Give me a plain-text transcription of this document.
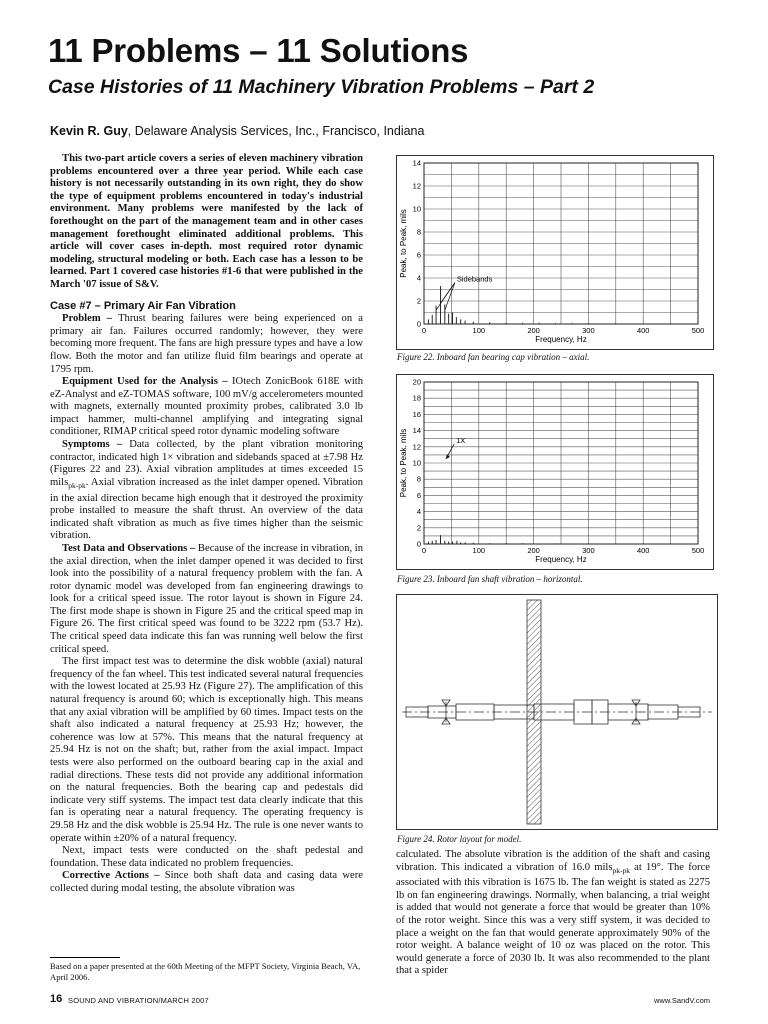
11 Problems – 11 Solutions
Case Histories of 11 Machinery Vibration Problems – Part 2
Kevin R. Guy, Delaware Analysis Services, Inc., Francisco, Indiana

This two-part article covers a series of eleven machinery vibration problems encountered over a three year period. While each case history is not necessarily outstanding in its own right, they do show the type of equipment problems encountered in today's industrial environment. Many problems were manifested by the lack of forethought on the part of the management team and in other cases management forethought eliminated additional problems. This article will cover cases in-depth. most required rotor dynamic modeling, structural modeling or both. Each case has a lesson to be learned. Part 1 covered case histories #1-6 that were published in the March '07 issue of S&V.

Case #7 – Primary Air Fan Vibration

Problem – Thrust bearing failures were being experienced on a primary air fan. Failures occurred randomly; however, they were becoming more frequent. The fans are high pressure types and have a low flow. Both the motor and fan utilize fluid film bearings and operate at 1795 rpm.

Equipment Used for the Analysis – IOtech ZonicBook 618E with eZ-Analyst and eZ-TOMAS software, 100 mV/g accelerometers mounted with magnets, externally mounted proximity probes, calibrated 3.0 lb impact hammer, multi-channel amplifying and integrating signal conditioner, RIMAP critical speed rotor dynamic modeling software

Symptoms – Data collected, by the plant vibration monitoring contractor, indicated high 1× vibration and sidebands spaced at ±7.98 Hz (Figures 22 and 23). Axial vibration amplitudes at times exceeded 15 mils$_{pk-pk}$. Axial vibration increased as the inlet damper opened. Vibration in the axial direction became high enough that it destroyed the proximity probe installed to measure the shaft thrust. An overview of the data indicated shaft vibration as much as five times higher than the seismic vibration.

Test Data and Observations – Because of the increase in vibration, in the axial direction, when the inlet damper opened it was decided to first look into the possibility of a natural frequency problem with the fan. A rotor dynamic model was developed from fan engineering drawings to look for a critical speed issue. The rotor layout is shown in Figure 24. The first mode shape is shown in Figure 25 and the critical speed map in Figure 26. The first critical speed was found to be 3222 rpm (53.7 Hz). The critical speed data indicate this fan was running well below the first critical speed.

The first impact test was to determine the disk wobble (axial) natural frequency of the fan wheel. This test indicated several natural frequencies with the lowest located at 25.93 Hz (Figure 27). The amplification of this natural frequency is around 60; which is exceptionally high. This means that any axial vibration will be amplified by 60 times. Impact tests on the shaft also indicated a natural frequency at 25.93 Hz; however, the coherence was low at 57%. This means that the natural frequency at 25.94 Hz is not on the shaft; but, rather from the axial impact. Impact tests were also performed on the outboard bearing cap in the axial and radial directions. These tests did not provide any additional information on the natural frequencies. Both the bearing cap and pedestals did indicate very stiff systems. The impact test data clearly indicate that this fan is operating near a natural frequency. The operating frequency is 29.58 Hz and the disk wobble is 25.94 Hz. The rule is one never wants to operate within ±20% of a natural frequency.

Next, impact tests were conducted on the shaft pedestal and foundation. These data indicated no problem frequencies.

Corrective Actions – Since both shaft data and casing data were collected during modal testing, the absolute vibration was

0	100	200	300	400	500
0
2
4
6
8
10
12
14
Frequency, Hz
Peak, to Peak, mils
Sidebands
Figure 22. Inboard fan bearing cap vibration – axial.
0	100	200	300	400	500
0
2
4
6
8
10
12
14
16
18
20
Frequency, Hz
Peak, to Peak, mils	1X
Figure 23. Inboard fan shaft vibration – horizontal.
Figure 24. Rotor layout for model.

calculated. The absolute vibration is the addition of the shaft and casing vibration. This indicated a vibration of 16.0 mils$_{pk-pk}$ at 19°. The force associated with this vibration is 1675 lb. The fan weight is stated as 2275 lb on fan engineering drawings. Normally, when balancing, a trial weight is added that would not generate a force that would be greater than 10% of the rotor weight. Since this was a very stiff system, it was decided to place a weight on the fan that would generate approximately 90% of the rotor weight. A balance weight of 10 oz was placed on the rotor. This would generate a force of 2030 lb. It was also recommended to the plant that a spider

Based on a paper presented at the 60th Meeting of the MFPT Society, Virginia Beach, VA, April 2006.
16 SOUND AND VIBRATION/MARCH 2007	www.SandV.com
